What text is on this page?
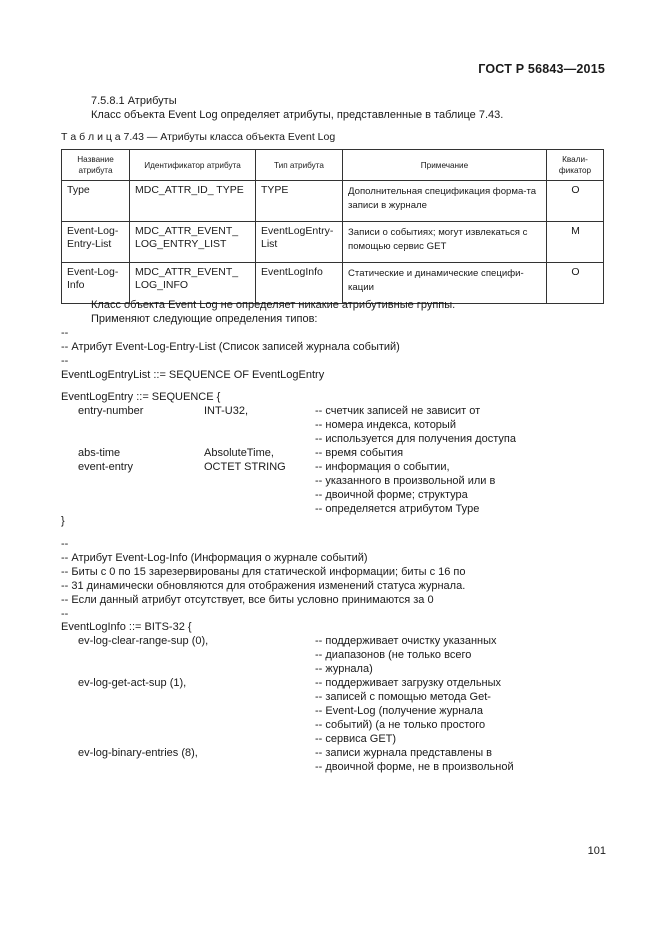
ГОСТ Р 56843—2015
7.5.8.1 Атрибуты
Класс объекта Event Log определяет атрибуты, представленные в таблице 7.43.
Т а б л и ц а 7.43 — Атрибуты класса объекта Event Log
Название атрибута	Идентификатор атрибута	Тип атрибута	Примечание	Квали-фикатор
Type	MDC_ATTR_ID_ TYPE	TYPE	Дополнительная спецификация форма-та записи в журнале	O
Event-Log-Entry-List	MDC_ATTR_EVENT_ LOG_ENTRY_LIST	EventLogEntry-List	Записи о событиях; могут извлекаться с помощью сервис GET	M
Event-Log-Info	MDC_ATTR_EVENT_ LOG_INFO	EventLogInfo	Статические и динамические специфи-кации	O
Класс объекта Event Log не определяет никакие атрибутивные группы.
Применяют следующие определения типов:
--
-- Атрибут Event-Log-Entry-List (Список записей журнала событий)
--
EventLogEntryList ::= SEQUENCE OF EventLogEntry
EventLogEntry ::= SEQUENCE {
entry-number	INT-U32,	-- счетчик записей не зависит от
-- номера индекса, который
-- используется для получения доступа
abs-time	AbsoluteTime,	-- время события
event-entry	OCTET STRING	-- информация о событии,
-- указанного в произвольной или в
-- двоичной форме; структура
-- определяется атрибутом Type
}
--
-- Атрибут Event-Log-Info (Информация о журнале событий)
-- Биты с 0 по 15 зарезервированы для статической информации; биты с 16 по
-- 31 динамически обновляются для отображения изменений статуса журнала.
-- Если данный атрибут отсутствует, все биты условно принимаются за 0
--
EventLogInfo ::= BITS-32 {
ev-log-clear-range-sup (0),	-- поддерживает очистку указанных
-- диапазонов (не только всего
-- журнала)
ev-log-get-act-sup (1),	-- поддерживает загрузку отдельных
-- записей с помощью метода Get-
-- Event-Log (получение журнала
-- событий) (а не только простого
-- сервиса GET)
ev-log-binary-entries (8),	-- записи журнала представлены в
-- двоичной форме, не в произвольной
101
